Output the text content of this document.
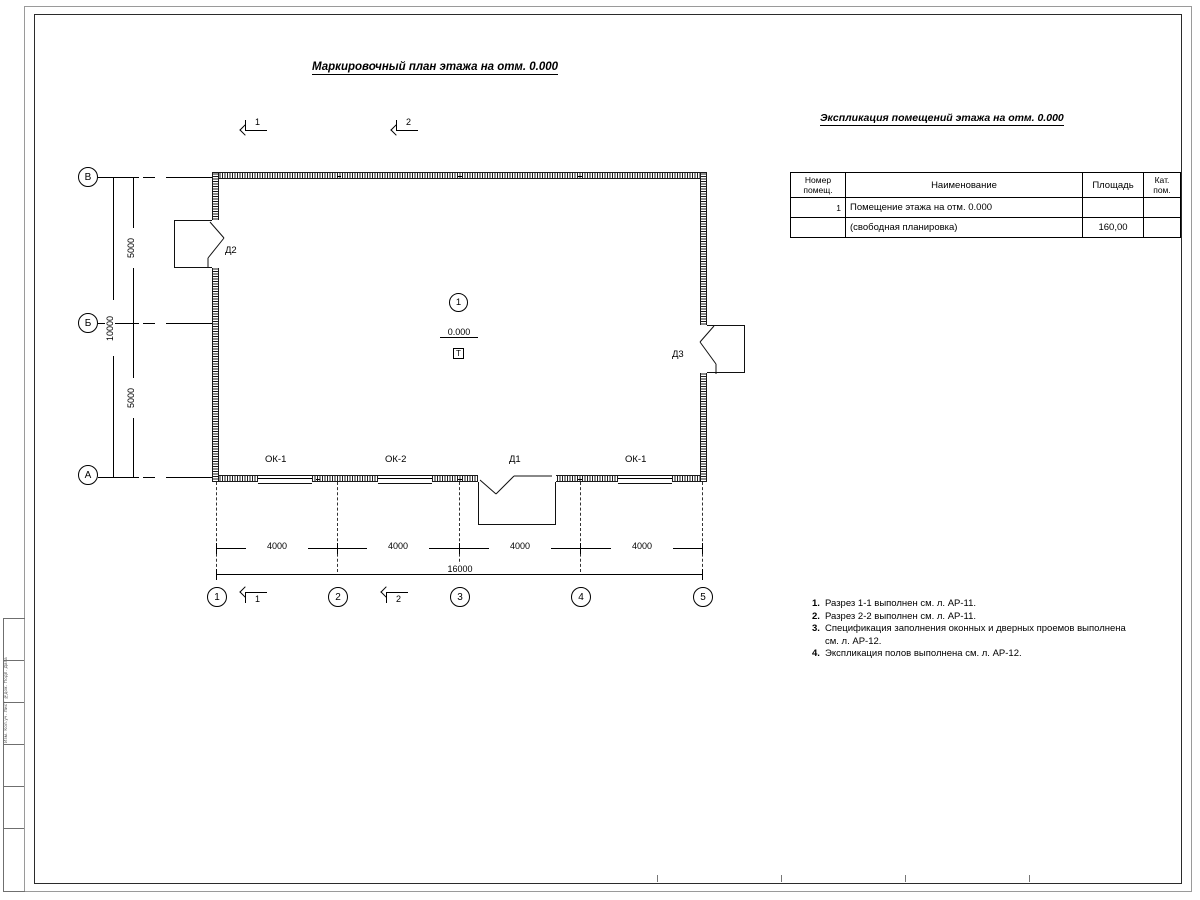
Изм. Кол.уч. Лист №док. Подп. Дата
Маркировочный план этажа на отм. 0.000
Экспликация помещений этажа на отм. 0.000
1	2
В
Б
А
10000
5000
5000
Д2
Д3
ОК-1	ОК-2	Д1	ОК-1
1
0.000
Т
4000	4000	4000	4000
16000
1	2	3	4	5
1	2
Номер
помещ.	Наименование	Площадь	Кат.
пом.
1	Помещение этажа на отм. 0.000		
	(свободная планировка)	160,00	
1. Разрез 1-1 выполнен см. л. АР-11.
2. Разрез 2-2 выполнен см. л. АР-11.
3. Спецификация заполнения оконных и дверных проемов выполнена см. л. АР-12.
4. Экспликация полов выполнена см. л. АР-12.
